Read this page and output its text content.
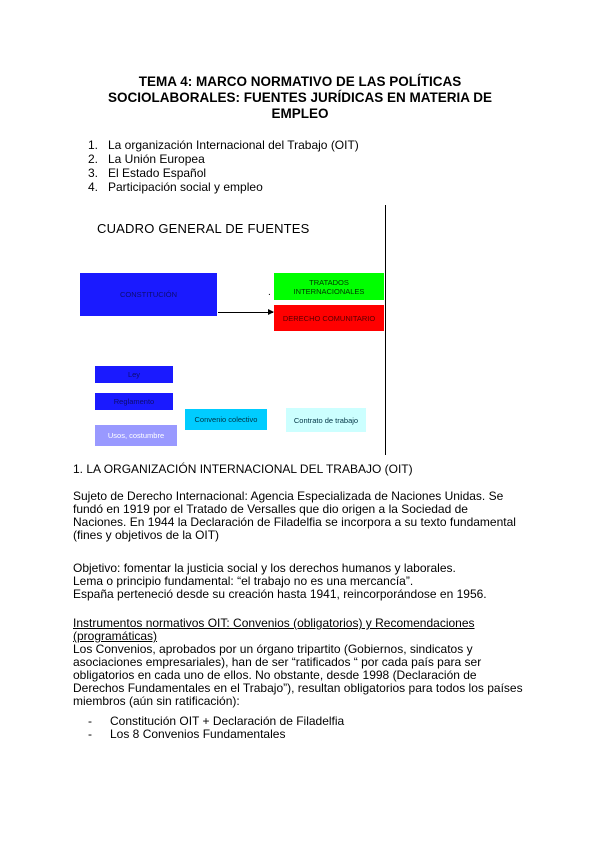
TEMA 4: MARCO NORMATIVO DE LAS POLÍTICAS
SOCIOLABORALES: FUENTES JURÍDICAS EN MATERIA DE
EMPLEO
1. La organización Internacional del Trabajo (OIT)
2. La Unión Europea
3. El Estado Español
4. Participación social y empleo
CUADRO GENERAL DE FUENTES
CONSTITUCIÓN	.
TRATADOS INTERNACIONALES
DERECHO COMUNITARIO
Ley
Reglamento
Convenio colectivo	Contrato de trabajo
Usos, costumbre
1. LA ORGANIZACIÓN INTERNACIONAL DEL TRABAJO (OIT)

Sujeto de Derecho Internacional: Agencia Especializada de Naciones Unidas. Se
fundó en 1919 por el Tratado de Versalles que dio origen a la Sociedad de
Naciones. En 1944 la Declaración de Filadelfia se incorpora a su texto fundamental
(fines y objetivos de la OIT)

Objetivo: fomentar la justicia social y los derechos humanos y laborales.
Lema o principio fundamental: “el trabajo no es una mercancía”.
España perteneció desde su creación hasta 1941, reincorporándose en 1956.

Instrumentos normativos OIT: Convenios (obligatorios) y Recomendaciones
(programáticas)
Los Convenios, aprobados por un órgano tripartito (Gobiernos, sindicatos y
asociaciones empresariales), han de ser “ratificados “ por cada país para ser
obligatorios en cada uno de ellos. No obstante, desde 1998 (Declaración de
Derechos Fundamentales en el Trabajo”), resultan obligatorios para todos los países
miembros (aún sin ratificación):

- Constitución OIT + Declaración de Filadelfia
- Los 8 Convenios Fundamentales
